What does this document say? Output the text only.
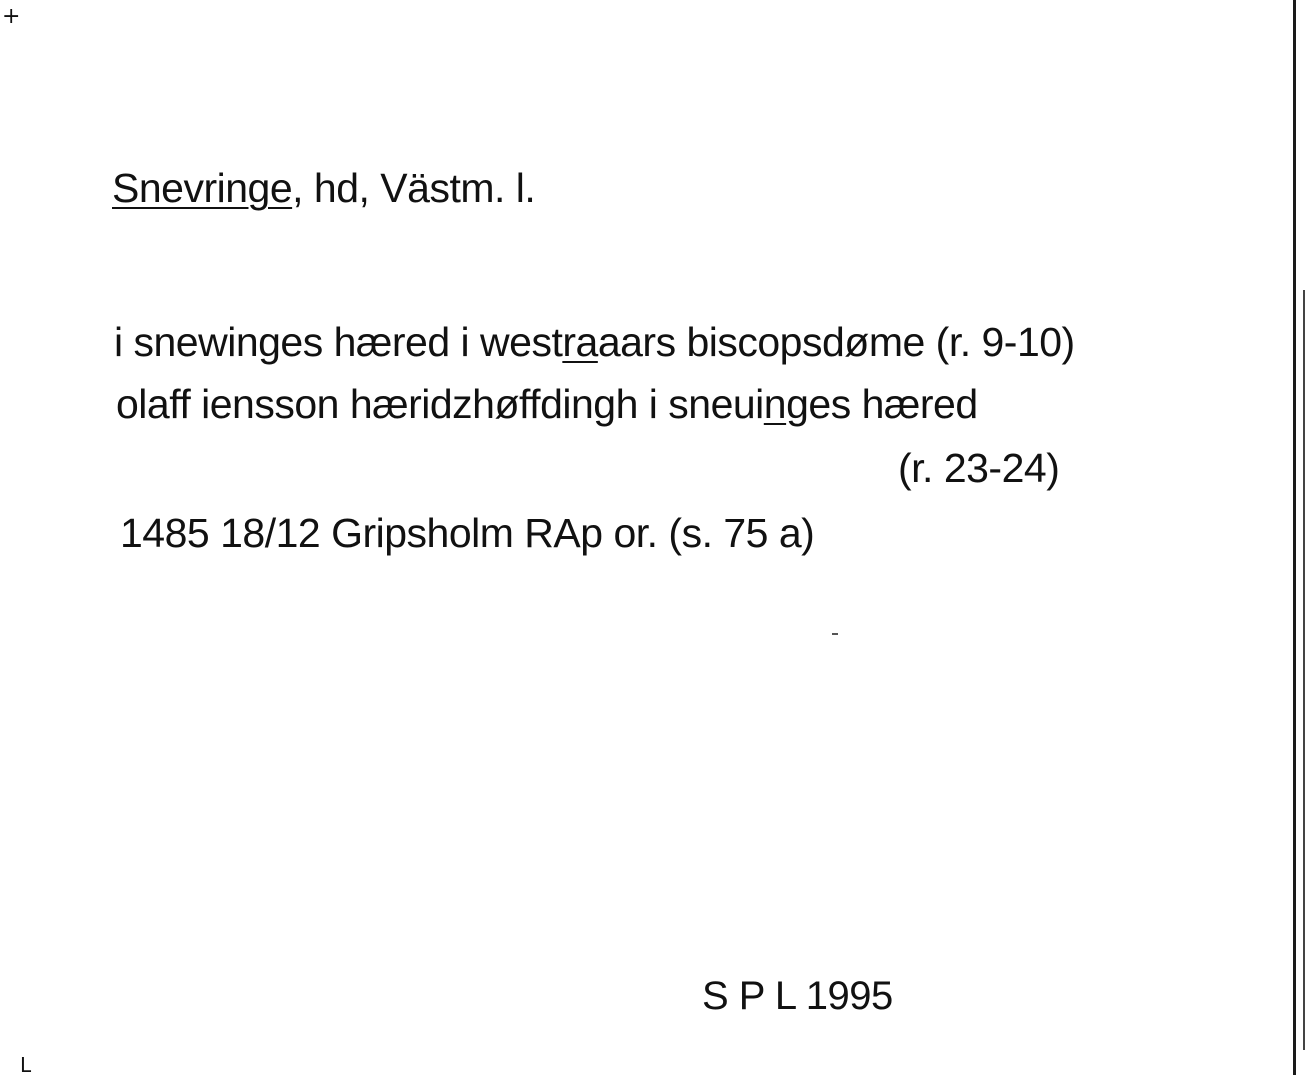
+
Snevringe, hd, Västm. l.
i snewinges hæred i westraaars biscopsdøme (r. 9-10)
olaff iensson hæridzhøffdingh i sneuinges hæred
(r. 23-24)
1485 18/12 Gripsholm RAp or. (s. 75 a)
S P L 1995
L
